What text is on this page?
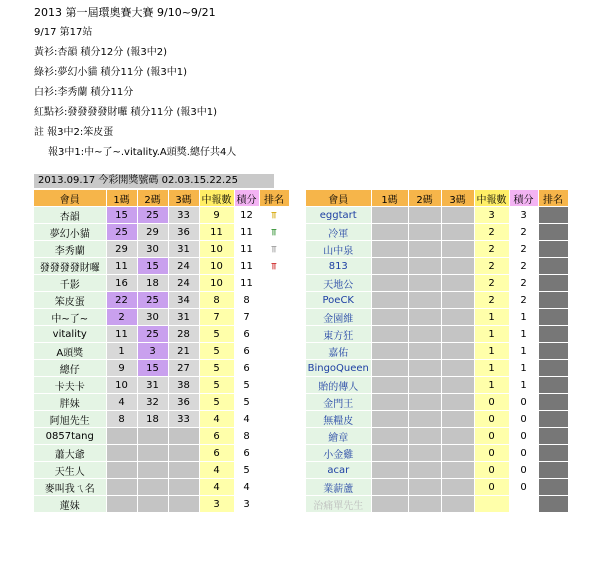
2013 第一屆環奧賽大賽 9/10~9/21
9/17 第17站
黃衫:杏韻 積分12分 (報3中2)
綠衫:夢幻小貓 積分11分 (報3中1)
白衫:李秀蘭 積分11分
紅點衫:發發發發財囉 積分11分 (報3中1)
註 報3中2:笨皮蛋
報3中1:中~了~.vitality.A頭獎.總仔共4人
2013.09.17 今彩開獎號碼 02.03.15.22.25
會員	1碼	2碼	3碼	中報數	積分	排名
杏韻	15	25	33	9	12	⫪
夢幻小貓	25	29	36	11	11	⫪
李秀蘭	29	30	31	10	11	⫪
發發發發財囉	11	15	24	10	11	⫪
千影	16	18	24	10	11	
笨皮蛋	22	25	34	8	8	
中~了~	2	30	31	7	7	
vitality	11	25	28	5	6	
A頭獎	1	3	21	5	6	
總仔	9	15	27	5	6	
卡夫卡	10	31	38	5	5	
胖妹	4	32	36	5	5	
阿旭先生	8	18	33	4	4	
0857tang				6	8	
蕭大爺				6	6	
天生人				4	5	
麥叫我ㄟ名				4	4	
蓮妹				3	3	
會員	1碼	2碼	3碼	中報數	積分	排名
eggtart				3	3	
冷軍				2	2	
山中泉				2	2	
813				2	2	
天地公				2	2	
PoeCK				2	2	
金園維				1	1	
東方狂				1	1	
嘉佑				1	1	
BingoQueen				1	1	
貽的傳人				1	1	
金門王				0	0	
無糧皮				0	0	
繪章				0	0	
小金雞				0	0	
acar				0	0	
業薪蘆				0	0	
治痛單先生						
